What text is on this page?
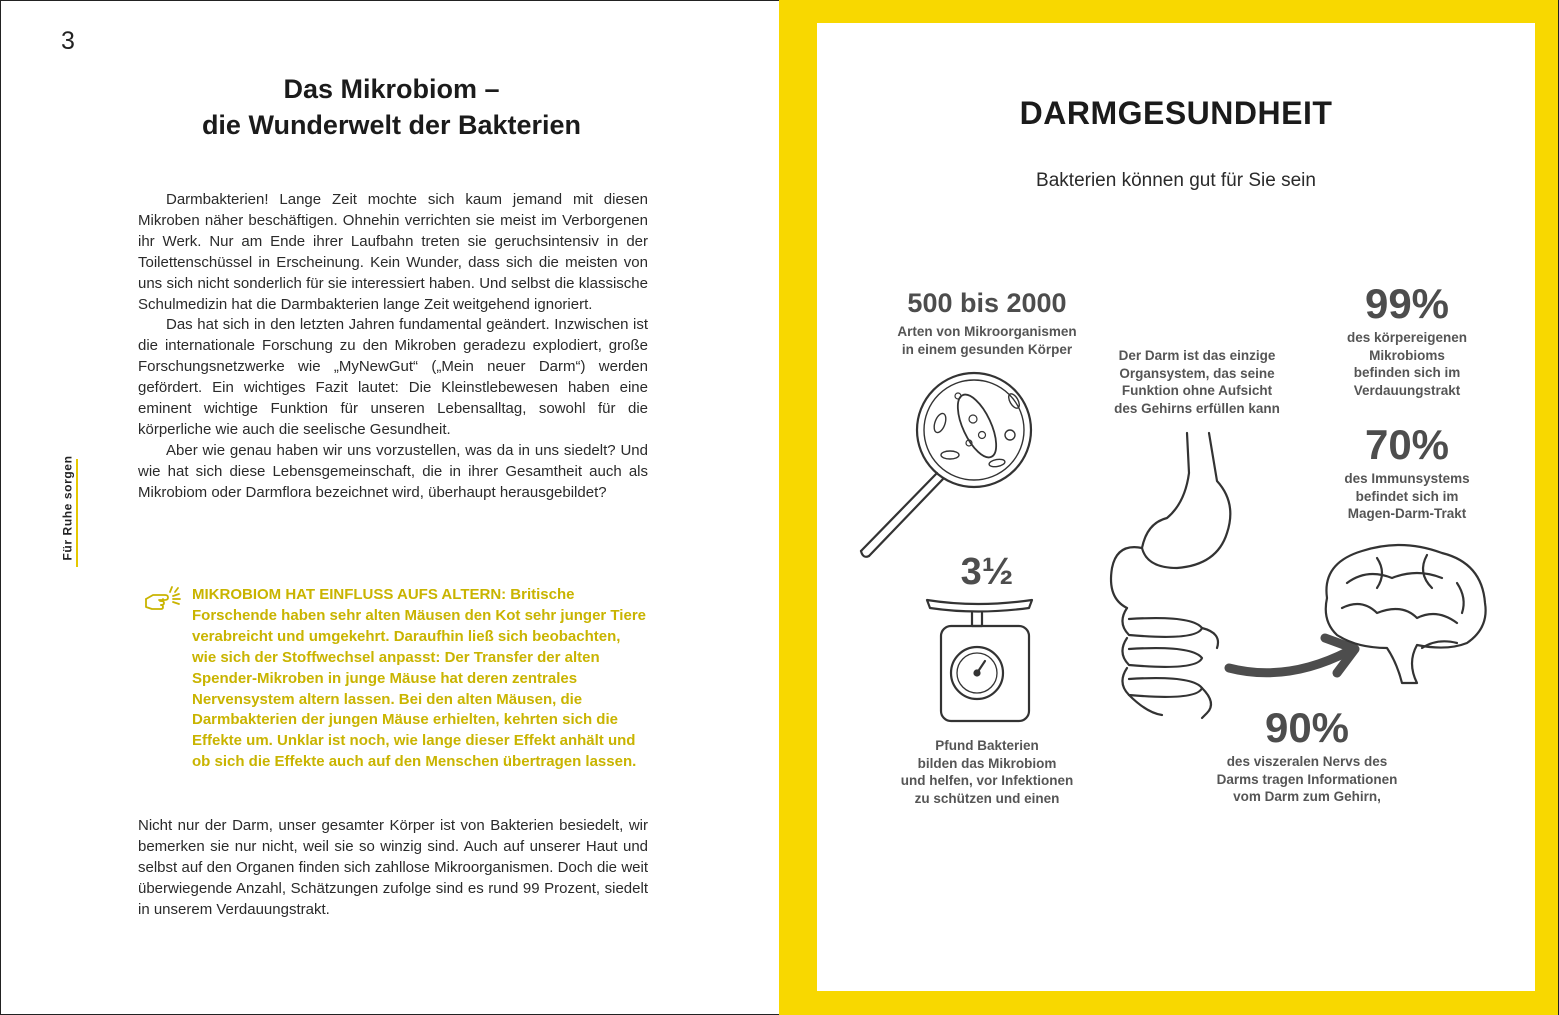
3
Für Ruhe sorgen
Das Mikrobiom –
die Wunderwelt der Bakterien

Darmbakterien! Lange Zeit mochte sich kaum jemand mit diesen Mikroben näher beschäftigen. Ohnehin verrichten sie meist im Verborgenen ihr Werk. Nur am Ende ihrer Laufbahn treten sie geruchsintensiv in der Toilettenschüssel in Erscheinung. Kein Wunder, dass sich die meisten von uns sich nicht sonderlich für sie interessiert haben. Und selbst die klassische Schulmedizin hat die Darmbakterien lange Zeit weitgehend ignoriert.

Das hat sich in den letzten Jahren fundamental geändert. Inzwischen ist die internationale Forschung zu den Mikroben geradezu explodiert, große Forschungsnetzwerke wie „MyNewGut“ („Mein neuer Darm“) werden gefördert. Ein wichtiges Fazit lautet: Die Kleinstlebewesen haben eine eminent wichtige Funktion für unseren Lebensalltag, sowohl für die körperliche wie auch die seelische Gesundheit.

Aber wie genau haben wir uns vorzustellen, was da in uns siedelt? Und wie hat sich diese Lebensgemeinschaft, die in ihrer Gesamtheit auch als Mikrobiom oder Darmflora bezeichnet wird, überhaupt herausgebildet?

MIKROBIOM HAT EINFLUSS AUFS ALTERN: Britische Forschende haben sehr alten Mäusen den Kot sehr junger Tiere verabreicht und umgekehrt. Daraufhin ließ sich beobachten, wie sich der Stoffwechsel anpasst: Der Transfer der alten Spender-Mikroben in junge Mäuse hat deren zentrales Nervensystem altern lassen. Bei den alten Mäusen, die Darmbakterien der jungen Mäuse erhielten, kehrten sich die Effekte um. Unklar ist noch, wie lange dieser Effekt anhält und ob sich die Effekte auch auf den Menschen übertragen lassen.

Nicht nur der Darm, unser gesamter Körper ist von Bakterien besiedelt, wir bemerken sie nur nicht, weil sie so winzig sind. Auch auf unserer Haut und selbst auf den Organen finden sich zahllose Mikroorganismen. Doch die weit überwiegende Anzahl, Schätzungen zufolge sind es rund 99 Prozent, siedelt in unserem Verdauungstrakt.

DARMGESUNDHEIT
Bakterien können gut für Sie sein
500 bis 2000
Arten von Mikroorganismen
in einem gesunden Körper	Der Darm ist das einzige
Organsystem, das seine
Funktion ohne Aufsicht
des Gehirns erfüllen kann
99%
des körpereigenen
Mikrobioms
befinden sich im
Verdauungstrakt
70%
des Immunsystems
befindet sich im
Magen-Darm-Trakt
3½
Pfund Bakterien
bilden das Mikrobiom
und helfen, vor Infektionen
zu schützen und einen
90%
des viszeralen Nervs des
Darms tragen Informationen
vom Darm zum Gehirn,
